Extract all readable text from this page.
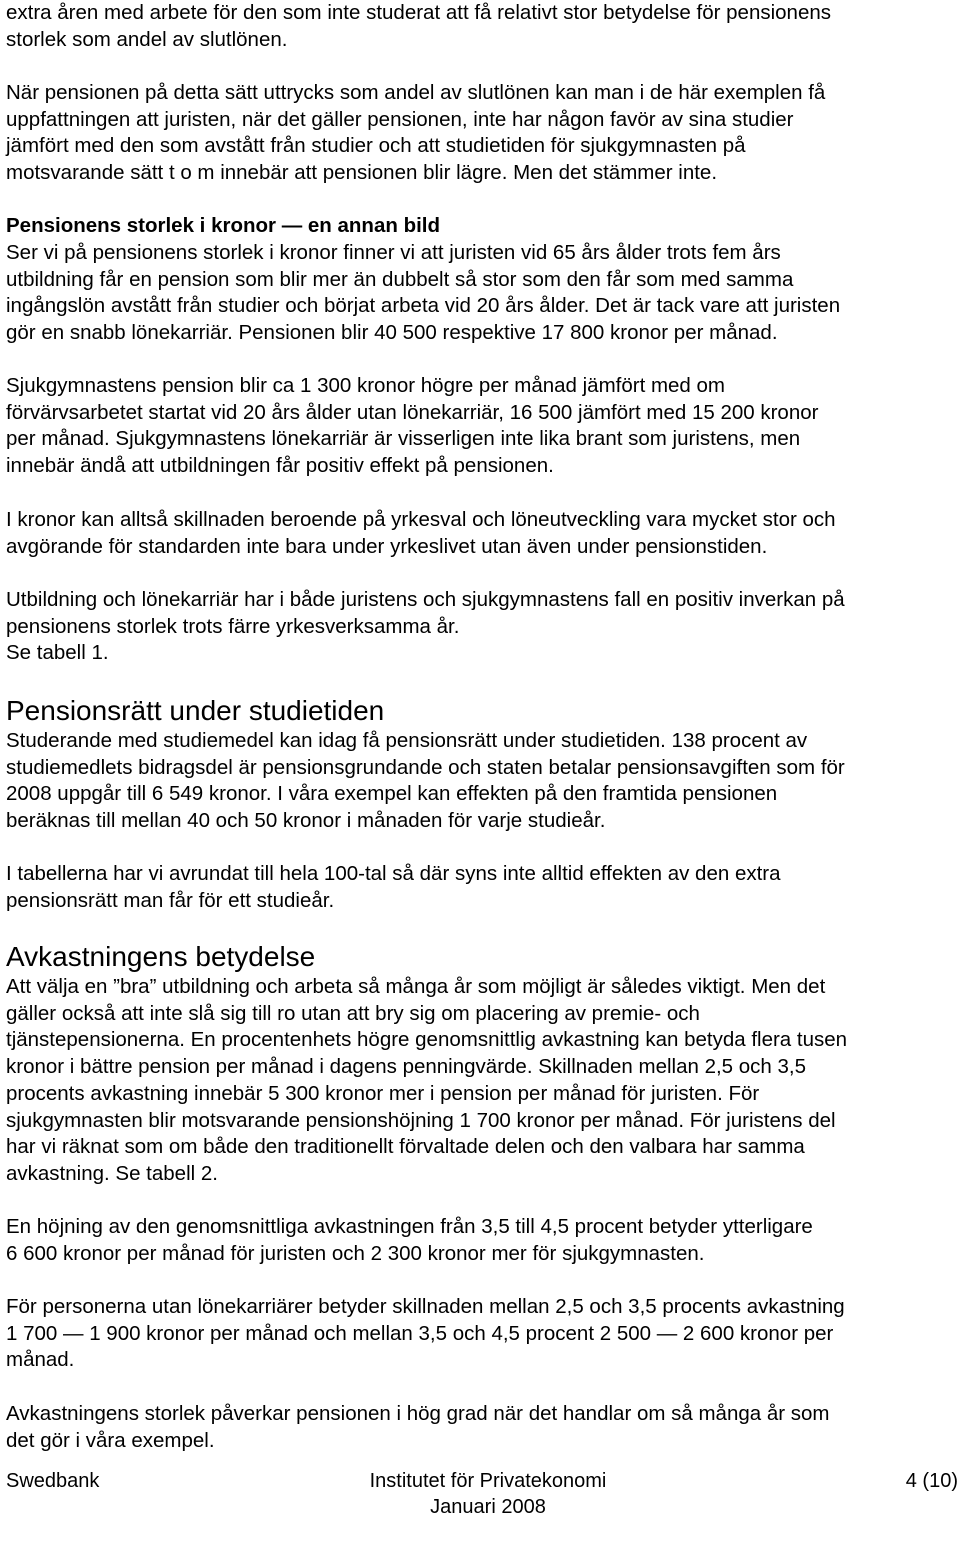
extra åren med arbete för den som inte studerat att få relativt stor betydelse för pensionens
storlek som andel av slutlönen.

När pensionen på detta sätt uttrycks som andel av slutlönen kan man i de här exemplen få
uppfattningen att juristen, när det gäller pensionen, inte har någon favör av sina studier
jämfört med den som avstått från studier och att studietiden för sjukgymnasten på
motsvarande sätt t o m innebär att pensionen blir lägre. Men det stämmer inte.

Pensionens storlek i kronor — en annan bild

Ser vi på pensionens storlek i kronor finner vi att juristen vid 65 års ålder trots fem års
utbildning får en pension som blir mer än dubbelt så stor som den får som med samma
ingångslön avstått från studier och börjat arbeta vid 20 års ålder. Det är tack vare att juristen
gör en snabb lönekarriär. Pensionen blir 40 500 respektive 17 800 kronor per månad.

Sjukgymnastens pension blir ca 1 300 kronor högre per månad jämfört med om
förvärvsarbetet startat vid 20 års ålder utan lönekarriär, 16 500 jämfört med 15 200 kronor
per månad. Sjukgymnastens lönekarriär är visserligen inte lika brant som juristens, men
innebär ändå att utbildningen får positiv effekt på pensionen.

I kronor kan alltså skillnaden beroende på yrkesval och löneutveckling vara mycket stor och
avgörande för standarden inte bara under yrkeslivet utan även under pensionstiden.

Utbildning och lönekarriär har i både juristens och sjukgymnastens fall en positiv inverkan på
pensionens storlek trots färre yrkesverksamma år.
Se tabell 1.

Pensionsrätt under studietiden

Studerande med studiemedel kan idag få pensionsrätt under studietiden. 138 procent av
studiemedlets bidragsdel är pensionsgrundande och staten betalar pensionsavgiften som för
2008 uppgår till 6 549 kronor. I våra exempel kan effekten på den framtida pensionen
beräknas till mellan 40 och 50 kronor i månaden för varje studieår.

I tabellerna har vi avrundat till hela 100-tal så där syns inte alltid effekten av den extra
pensionsrätt man får för ett studieår.

Avkastningens betydelse

Att välja en ”bra” utbildning och arbeta så många år som möjligt är således viktigt. Men det
gäller också att inte slå sig till ro utan att bry sig om placering av premie- och
tjänstepensionerna. En procentenhets högre genomsnittlig avkastning kan betyda flera tusen
kronor i bättre pension per månad i dagens penningvärde. Skillnaden mellan 2,5 och 3,5
procents avkastning innebär 5 300 kronor mer i pension per månad för juristen. För
sjukgymnasten blir motsvarande pensionshöjning 1 700 kronor per månad. För juristens del
har vi räknat som om både den traditionellt förvaltade delen och den valbara har samma
avkastning. Se tabell 2.

En höjning av den genomsnittliga avkastningen från 3,5 till 4,5 procent betyder ytterligare
6 600 kronor per månad för juristen och 2 300 kronor mer för sjukgymnasten.

För personerna utan lönekarriärer betyder skillnaden mellan 2,5 och 3,5 procents avkastning
1 700 — 1 900 kronor per månad och mellan 3,5 och 4,5 procent 2 500 — 2 600 kronor per
månad.

Avkastningens storlek påverkar pensionen i hög grad när det handlar om så många år som
det gör i våra exempel.

Swedbank	Institutet för Privatekonomi
Januari 2008
4 (10)
